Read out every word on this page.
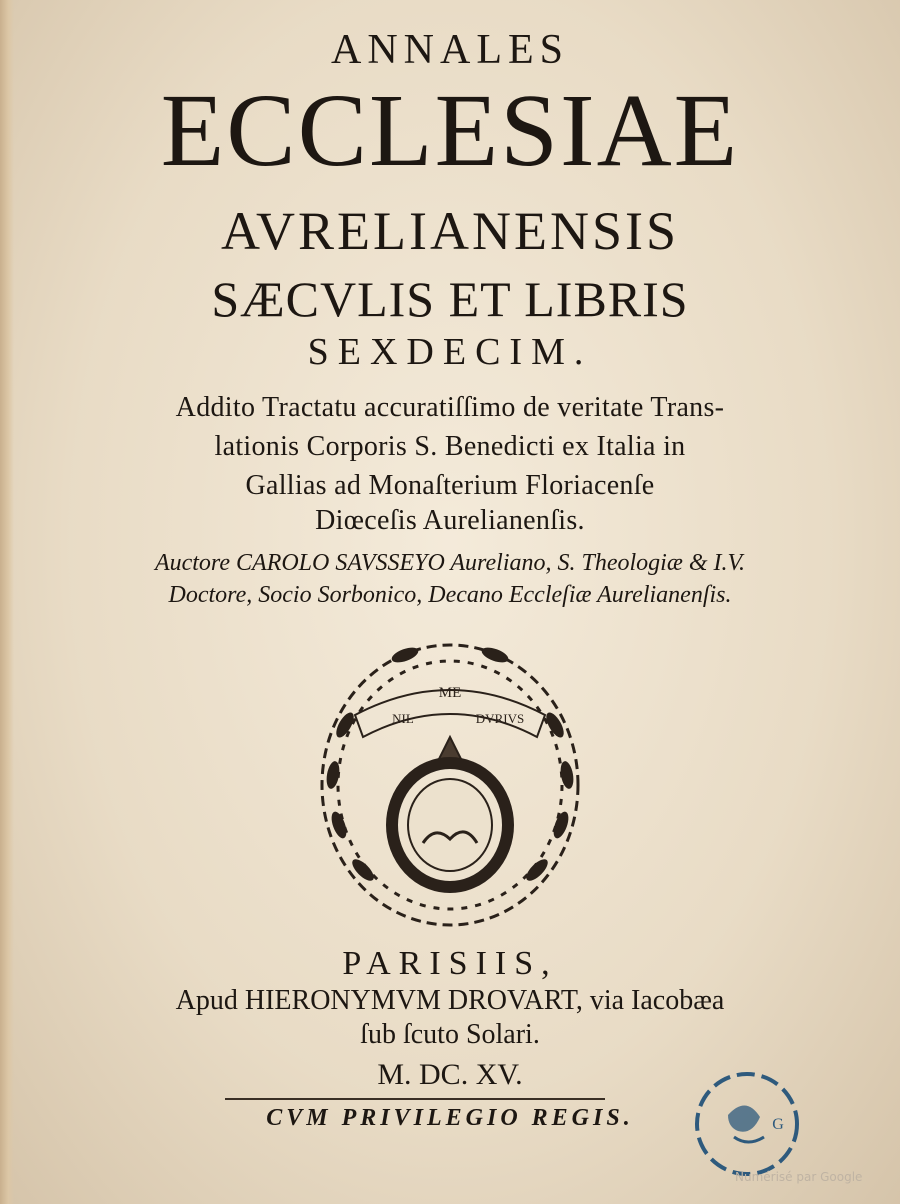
ANNALES
ECCLESIAE
AVRELIANENSIS
SÆCVLIS ET LIBRIS
SEXDECIM.
Addito Tractatu accuratiſſimo de veritate Trans-
lationis Corporis S. Benedicti ex Italia in
Gallias ad Monaſterium Floriacenſe
Diœceſis Aurelianenſis.
Auctore CAROLO SAVSSEYO Aureliano, S. Theologiæ & I.V.
Doctore, Socio Sorbonico, Decano Eccleſiæ Aurelianenſis.
ME
NIL	DVRIVS
PARISIIS,
Apud HIERONYMVM DROVART, via Iacobæa
ſub ſcuto Solari.
M. DC. XV.
CVM PRIVILEGIO REGIS.	G
Numérisé par Google
